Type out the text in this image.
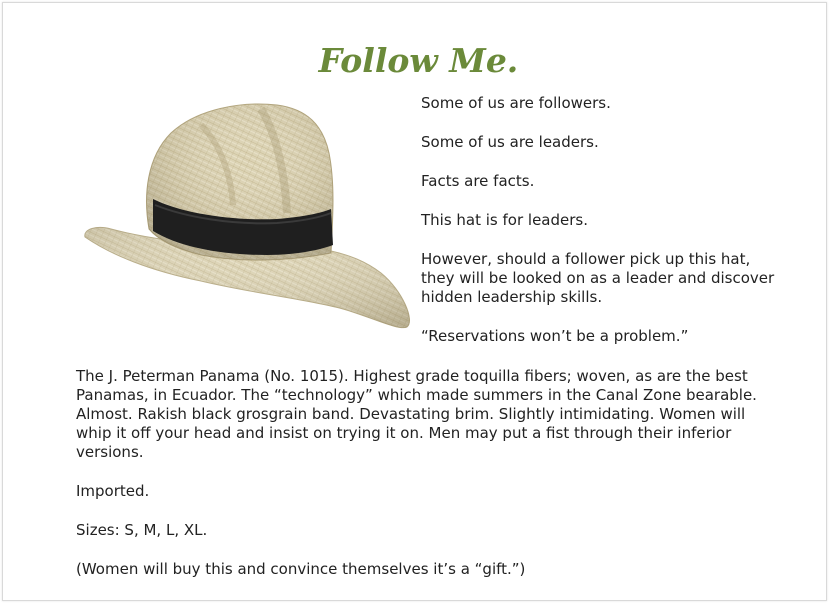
Follow Me.

Some of us are followers.

Some of us are leaders.

Facts are facts.

This hat is for leaders.

However, should a follower pick up this hat, they will be looked on as a leader and discover hidden leadership skills.

“Reservations won’t be a problem.”

The J. Peterman Panama (No. 1015). Highest grade toquilla fibers; woven, as are the best Panamas, in Ecuador. The “technology” which made summers in the Canal Zone bearable. Almost. Rakish black grosgrain band. Devastating brim. Slightly intimidating. Women will whip it off your head and insist on trying it on. Men may put a fist through their inferior versions.

Imported.

Sizes: S, M, L, XL.

(Women will buy this and convince themselves it’s a “gift.”)
